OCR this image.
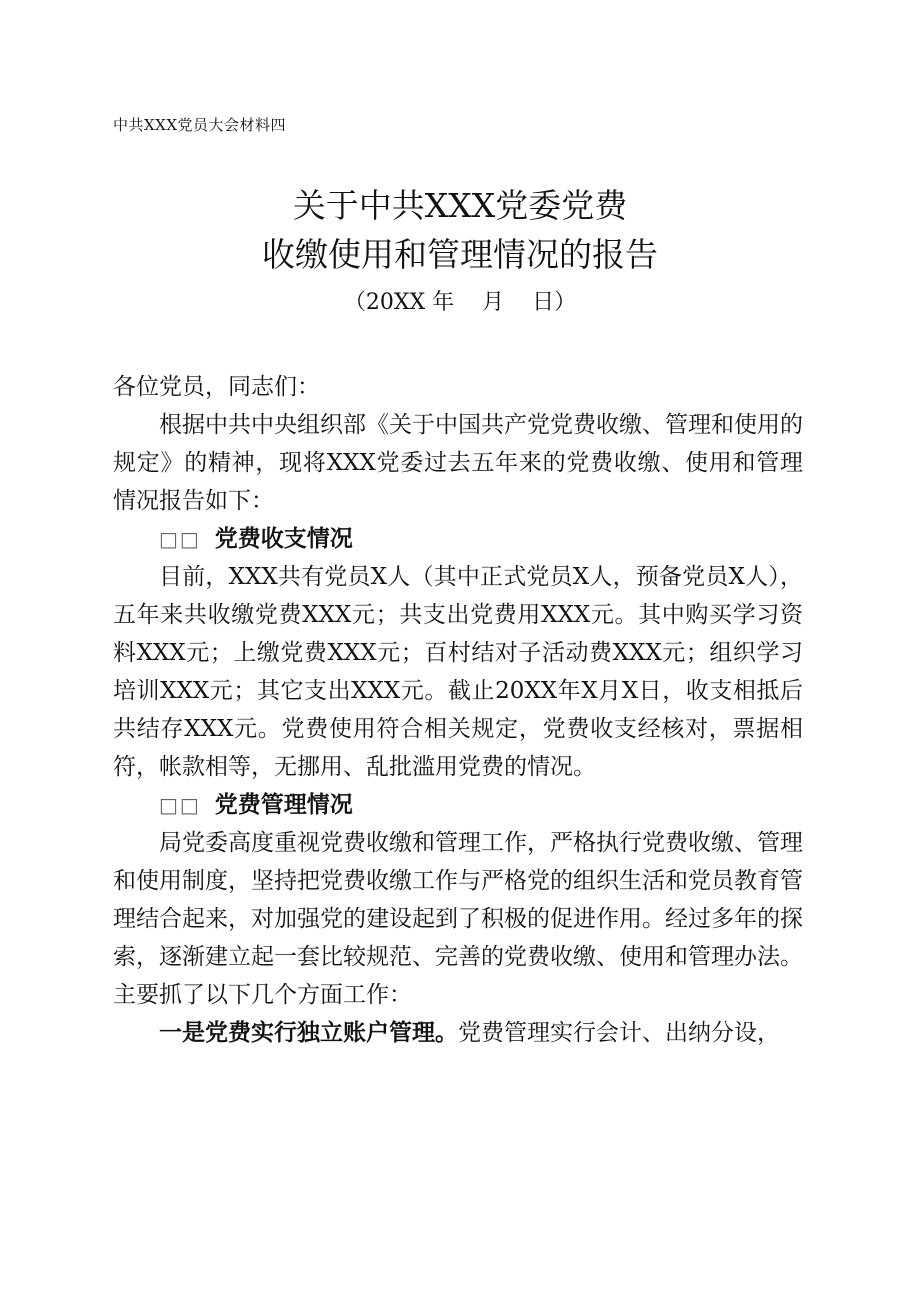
中共XXX党员大会材料四
关于中共XXX党委党费
收缴使用和管理情况的报告
（20XX 年    月    日）

各位党员，同志们：

根据中共中央组织部《关于中国共产党党费收缴、管理和使用的规定》的精神，现将XXX党委过去五年来的党费收缴、使用和管理情况报告如下：

□□ 党费收支情况

目前，XXX共有党员X人（其中正式党员X人，预备党员X人），五年来共收缴党费XXX元；共支出党费用XXX元。其中购买学习资料XXX元；上缴党费XXX元；百村结对子活动费XXX元；组织学习培训XXX元；其它支出XXX元。截止20XX年X月X日，收支相抵后共结存XXX元。党费使用符合相关规定，党费收支经核对，票据相符，帐款相等，无挪用、乱批滥用党费的情况。

□□ 党费管理情况

局党委高度重视党费收缴和管理工作，严格执行党费收缴、管理和使用制度，坚持把党费收缴工作与严格党的组织生活和党员教育管理结合起来，对加强党的建设起到了积极的促进作用。经过多年的探索，逐渐建立起一套比较规范、完善的党费收缴、使用和管理办法。主要抓了以下几个方面工作：

一是党费实行独立账户管理。党费管理实行会计、出纳分设，
